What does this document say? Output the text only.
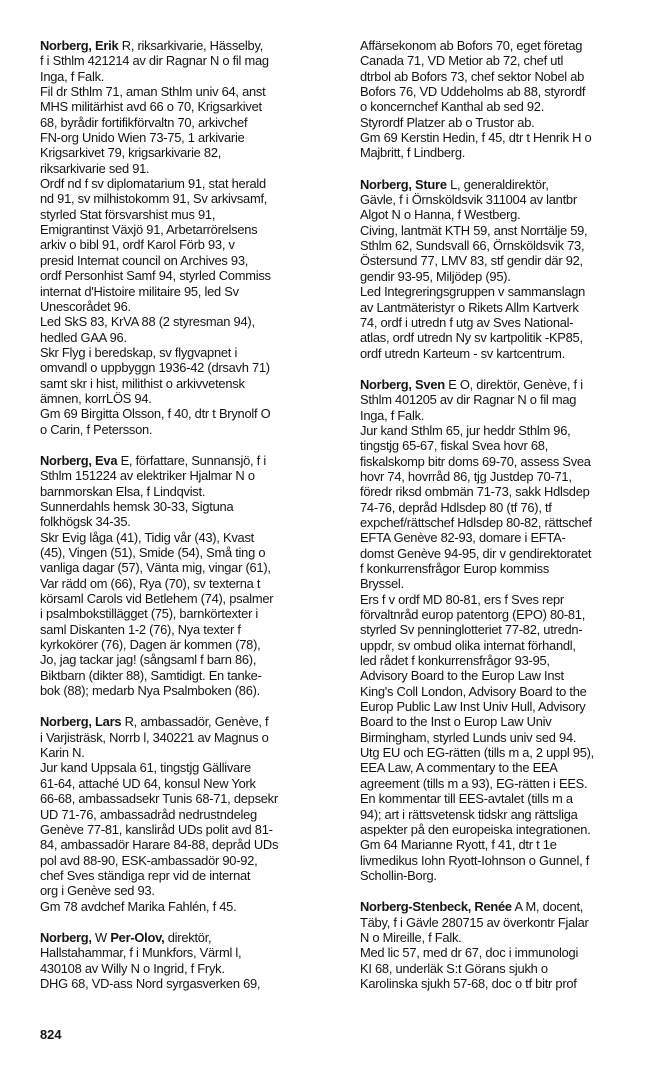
Norberg, Erik R, riksarkivarie, Hässelby,
f i Sthlm 421214 av dir Ragnar N o fil mag
Inga, f Falk.
Fil dr Sthlm 71, aman Sthlm univ 64, anst
MHS militärhist avd 66 o 70, Krigsarkivet
68, byrådir fortifikförvaltn 70, arkivchef
FN-org Unido Wien 73-75, 1 arkivarie
Krigsarkivet 79, krigsarkivarie 82,
riksarkivarie sed 91.
Ordf nd f sv diplomatarium 91, stat herald
nd 91, sv milhistokomm 91, Sv arkivsamf,
styrled Stat försvarshist mus 91,
Emigrantinst Växjö 91, Arbetarrörelsens
arkiv o bibl 91, ordf Karol Förb 93, v
presid Internat council on Archives 93,
ordf Personhist Samf 94, styrled Commiss
internat d'Histoire militaire 95, led Sv
Unescorådet 96.
Led SkS 83, KrVA 88 (2 styresman 94),
hedled GAA 96.
Skr Flyg i beredskap, sv flygvapnet i
omvandl o uppbyggn 1936-42 (drsavh 71)
samt skr i hist, milithist o arkivvetensk
ämnen, korrLÖS 94.
Gm 69 Birgitta Olsson, f 40, dtr t Brynolf O
o Carin, f Petersson.
Norberg, Eva E, författare, Sunnansjö, f i
Sthlm 151224 av elektriker Hjalmar N o
barnmorskan Elsa, f Lindqvist.
Sunnerdahls hemsk 30-33, Sigtuna
folkhögsk 34-35.
Skr Evig låga (41), Tidig vår (43), Kvast
(45), Vingen (51), Smide (54), Små ting o
vanliga dagar (57), Vänta mig, vingar (61),
Var rädd om (66), Rya (70), sv texterna t
körsaml Carols vid Betlehem (74), psalmer
i psalmbokstillägget (75), barnkörtexter i
saml Diskanten 1-2 (76), Nya texter f
kyrkokörer (76), Dagen är kommen (78),
Jo, jag tackar jag! (sångsaml f barn 86),
Biktbarn (dikter 88), Samtidigt. En tanke-
bok (88); medarb Nya Psalmboken (86).
Norberg, Lars R, ambassadör, Genève, f
i Varjisträsk, Norrb l, 340221 av Magnus o
Karin N.
Jur kand Uppsala 61, tingstjg Gällivare
61-64, attaché UD 64, konsul New York
66-68, ambassadsekr Tunis 68-71, depsekr
UD 71-76, ambassadråd nedrustndeleg
Genève 77-81, kanslіråd UDs polit avd 81-
84, ambassadör Harare 84-88, depråd UDs
pol avd 88-90, ESK-ambassadör 90-92,
chef Sves ständiga repr vid de internat
org i Genève sed 93.
Gm 78 avdchef Marika Fahlén, f 45.
Norberg, W Per-Olov, direktör,
Hallstahammar, f i Munkfors, Värml l,
430108 av Willy N o Ingrid, f Fryk.
DHG 68, VD-ass Nord syrgasverken 69,
Affärsekonom ab Bofors 70, eget företag
Canada 71, VD Metior ab 72, chef utl
dtrbol ab Bofors 73, chef sektor Nobel ab
Bofors 76, VD Uddeholms ab 88, styrordf
o koncernchef Kanthal ab sed 92.
Styrordf Platzer ab o Trustor ab.
Gm 69 Kerstin Hedin, f 45, dtr t Henrik H o
Majbritt, f Lindberg.
Norberg, Sture L, generaldirektör,
Gävle, f i Örnsköldsvik 311004 av lantbr
Algot N o Hanna, f Westberg.
Civing, lantmät KTH 59, anst Norrtälje 59,
Sthlm 62, Sundsvall 66, Örnsköldsvik 73,
Östersund 77, LMV 83, stf gendir där 92,
gendir 93-95, Miljödep (95).
Led Integreringsgruppen v sammanslagn
av Lantmäteristyr o Rikets Allm Kartverk
74, ordf i utredn f utg av Sves National-
atlas, ordf utredn Ny sv kartpolitik -KP85,
ordf utredn Karteum - sv kartcentrum.
Norberg, Sven E O, direktör, Genève, f i
Sthlm 401205 av dir Ragnar N o fil mag
Inga, f Falk.
Jur kand Sthlm 65, jur heddr Sthlm 96,
tingstjg 65-67, fiskal Svea hovr 68,
fiskalskomp bitr doms 69-70, assess Svea
hovr 74, hovrråd 86, tjg Justdep 70-71,
föredr riksd ombmän 71-73, sakk Hdlsdep
74-76, depråd Hdlsdep 80 (tf 76), tf
expchef/rättschef Hdlsdep 80-82, rättschef
EFTA Genève 82-93, domare i EFTA-
domst Genève 94-95, dir v gendirektoratet
f konkurrensfrågor Europ kommiss
Bryssel.
Ers f v ordf MD 80-81, ers f Sves repr
förvaltnråd europ patentorg (EPO) 80-81,
styrled Sv penninglotteriet 77-82, utredn-
uppdr, sv ombud olika internat förhandl,
led rådet f konkurrensfrågor 93-95,
Advisory Board to the Europ Law Inst
King's Coll London, Advisory Board to the
Europ Public Law Inst Univ Hull, Advisory
Board to the Inst o Europ Law Univ
Birmingham, styrled Lunds univ sed 94.
Utg EU och EG-rätten (tills m a, 2 uppl 95),
EEA Law, A commentary to the EEA
agreement (tills m a 93), EG-rätten i EES.
En kommentar till EES-avtalet (tills m a
94); art i rättsvetensk tidskr ang rättsliga
aspekter på den europeiska integrationen.
Gm 64 Marianne Ryott, f 41, dtr t 1e
livmedikus Iohn Ryott-Iohnson o Gunnel, f
Schollin-Borg.
Norberg-Stenbeck, Renée A M, docent,
Täby, f i Gävle 280715 av överkontr Fjalar
N o Mireille, f Falk.
Med lic 57, med dr 67, doc i immunologi
KI 68, underläk S:t Görans sjukh o
Karolinska sjukh 57-68, doc o tf bitr prof
824
